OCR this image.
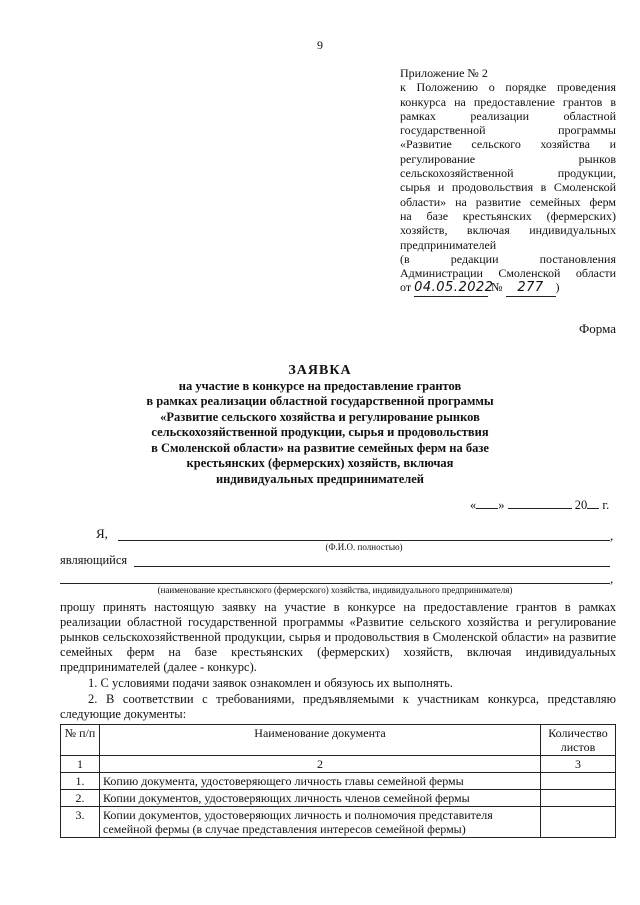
9
Приложение № 2
к Положению о порядке проведения
конкурса на предоставление грантов в
рамках реализации областной
государственной программы
«Развитие сельского хозяйства и
регулирование рынков
сельскохозяйственной продукции,
сырья и продовольствия в Смоленской
области» на развитие семейных ферм
на базе крестьянских (фермерских)
хозяйств, включая индивидуальных
предпринимателей
(в редакции постановления
Администрации Смоленской области
от 04.05.2022 № 277 )
Форма
ЗАЯВКА
на участие в конкурсе на предоставление грантов
в рамках реализации областной государственной программы
«Развитие сельского хозяйства и регулирование рынков
сельскохозяйственной продукции, сырья и продовольствия
в Смоленской области» на развитие семейных ферм на базе
крестьянских (фермерских) хозяйств, включая
индивидуальных предпринимателей
« »	20 г.
Я,	,
(Ф.И.О. полностью)
являющийся
,
(наименование крестьянского (фермерского) хозяйства, индивидуального предпринимателя)
прошу принять настоящую заявку на участие в конкурсе на предоставление грантов в рамках реализации областной государственной программы «Развитие сельского хозяйства и регулирование рынков сельскохозяйственной продукции, сырья и продовольствия в Смоленской области» на развитие семейных ферм на базе крестьянских (фермерских) хозяйств, включая индивидуальных предпринимателей (далее - конкурс).
1. С условиями подачи заявок ознакомлен и обязуюсь их выполнять.
2. В соответствии с требованиями, предъявляемыми к участникам конкурса, представляю следующие документы:
№ п/п	Наименование документа	Количество листов
1	2	3
1.	Копию документа, удостоверяющего личность главы семейной фермы	
2.	Копии документов, удостоверяющих личность членов семейной фермы	
3.	Копии документов, удостоверяющих личность и полномочия представителя семейной фермы (в случае представления интересов семейной фермы)	
